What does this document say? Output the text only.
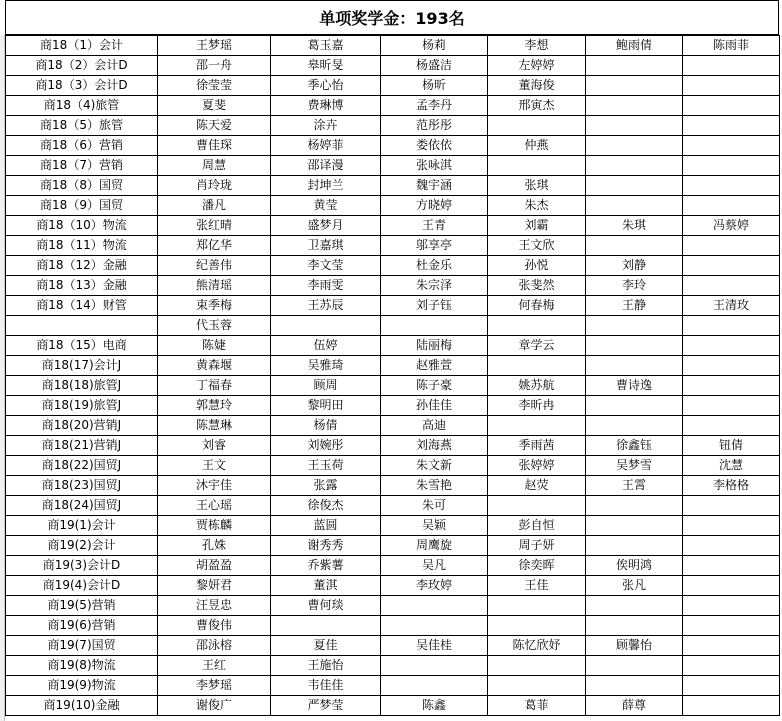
单项奖学金：193名
商18（1）会计	王梦瑶	葛玉嘉	杨莉	李想	鲍雨倩	陈雨菲
商18（2）会计D	邵一舟	皋昕旻	杨盛洁	左婷婷		
商18（3）会计D	徐莹莹	季心怡	杨昕	董海俊		
商18（4)旅管	夏斐	费琳博	孟李丹	邢寅杰		
商18（5）旅管	陈天爱	涂卉	范彤彤			
商18（6）营销	曹佳琛	杨婷菲	娄依依	仲燕		
商18（7）营销	周慧	邵译漫	张咏淇			
商18（8）国贸	肖玲珑	封坤兰	魏宇涵	张琪		
商18（9）国贸	潘凡	黄莹	方晓婷	朱杰		
商18（10）物流	张红晴	盛梦月	王青	刘霸	朱琪	冯蔡婷
商18（11）物流	郑亿华	卫嘉琪	邬享亭	王文欣		
商18（12）金融	纪善伟	李文莹	杜金乐	孙悦	刘静	
商18（13）金融	熊清瑶	李雨雯	朱宗泽	张斐然	李玲	
商18（14）财管	束季梅	王苏辰	刘子钰	何春梅	王静	王清玫
	代玉蓉					
商18（15）电商	陈婕	伍婷	陆丽梅	章学云		
商18(17)会计J	黄森堰	吴雅琦	赵雅萱			
商18(18)旅管J	丁福春	顾周	陈子豪	姚苏航	曹诗逸	
商18(19)旅管J	郭慧玲	黎明田	孙佳佳	李昕冉		
商18(20)营销J	陈慧琳	杨倩	高迪			
商18(21)营销J	刘睿	刘婉彤	刘海燕	季雨茜	徐鑫钰	钮倩
商18(22)国贸J	王文	王玉荷	朱文新	张婷婷	吴梦雪	沈慧
商18(23)国贸J	沐宇佳	张露	朱雪艳	赵荧	王霄	李格格
商18(24)国贸J	王心瑶	徐俊杰	朱可			
商19(1)会计	贾栋麟	蓝圆	吴颖	彭自恒		
商19(2)会计	孔姝	谢秀秀	周鹰旋	周子妍		
商19(3)会计D	胡盈盈	乔紫薯	吴凡	徐奕晖	俟明鸿	
商19(4)会计D	黎妍君	董淇	李玫婷	王佳	张凡	
商19(5)营销	汪昱忠	曹何琰				
商19(6)营销	曹俊伟					
商19(7)国贸	邵泳榕	夏佳	吴佳桂	陈忆欣妤	顾馨怡	
商19(8)物流	王红	王施怡				
商19(9)物流	李梦瑶	韦佳佳				
商19(10)金融	谢俊广	严梦莹	陈鑫	葛菲	薛尊	
